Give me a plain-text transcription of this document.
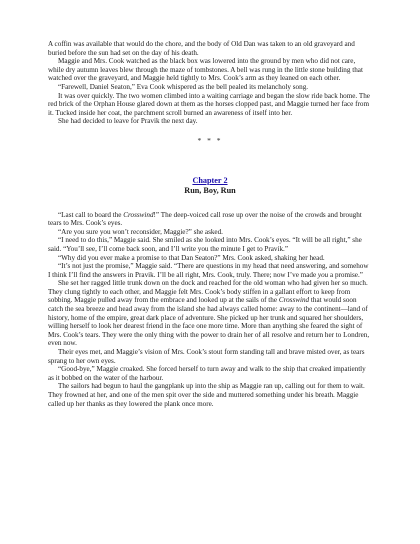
A coffin was available that would do the chore, and the body of Old Dan was taken to an old graveyard and buried before the sun had set on the day of his death.

Maggie and Mrs. Cook watched as the black box was lowered into the ground by men who did not care, while dry autumn leaves blew through the maze of tombstones. A bell was rung in the little stone building that watched over the graveyard, and Maggie held tightly to Mrs. Cook’s arm as they leaned on each other.

“Farewell, Daniel Seaton,” Eva Cook whispered as the bell pealed its melancholy song.

It was over quickly. The two women climbed into a waiting carriage and began the slow ride back home. The red brick of the Orphan House glared down at them as the horses clopped past, and Maggie turned her face from it. Tucked inside her coat, the parchment scroll burned an awareness of itself into her.

She had decided to leave for Pravik the next day.

* * *
Chapter 2
Run, Boy, Run

“Last call to board the Crosswind!” The deep-voiced call rose up over the noise of the crowds and brought tears to Mrs. Cook’s eyes.

“Are you sure you won’t reconsider, Maggie?” she asked.

“I need to do this,” Maggie said. She smiled as she looked into Mrs. Cook’s eyes. “It will be all right,” she said. “You’ll see, I’ll come back soon, and I’ll write you the minute I get to Pravik.”

“Why did you ever make a promise to that Dan Seaton?” Mrs. Cook asked, shaking her head.

“It’s not just the promise,” Maggie said. “There are questions in my head that need answering, and somehow I think I’ll find the answers in Pravik. I’ll be all right, Mrs. Cook, truly. There; now I’ve made you a promise.”

She set her ragged little trunk down on the dock and reached for the old woman who had given her so much. They clung tightly to each other, and Maggie felt Mrs. Cook’s body stiffen in a gallant effort to keep from sobbing. Maggie pulled away from the embrace and looked up at the sails of the Crosswind that would soon catch the sea breeze and head away from the island she had always called home: away to the continent—land of history, home of the empire, great dark place of adventure. She picked up her trunk and squared her shoulders, willing herself to look her dearest friend in the face one more time. More than anything she feared the sight of Mrs. Cook’s tears. They were the only thing with the power to drain her of all resolve and return her to Londren, even now.

Their eyes met, and Maggie’s vision of Mrs. Cook’s stout form standing tall and brave misted over, as tears sprang to her own eyes.

“Good-bye,” Maggie croaked. She forced herself to turn away and walk to the ship that creaked impatiently as it bobbed on the water of the harbour.

The sailors had begun to haul the gangplank up into the ship as Maggie ran up, calling out for them to wait. They frowned at her, and one of the men spit over the side and muttered something under his breath. Maggie called up her thanks as they lowered the plank once more.
